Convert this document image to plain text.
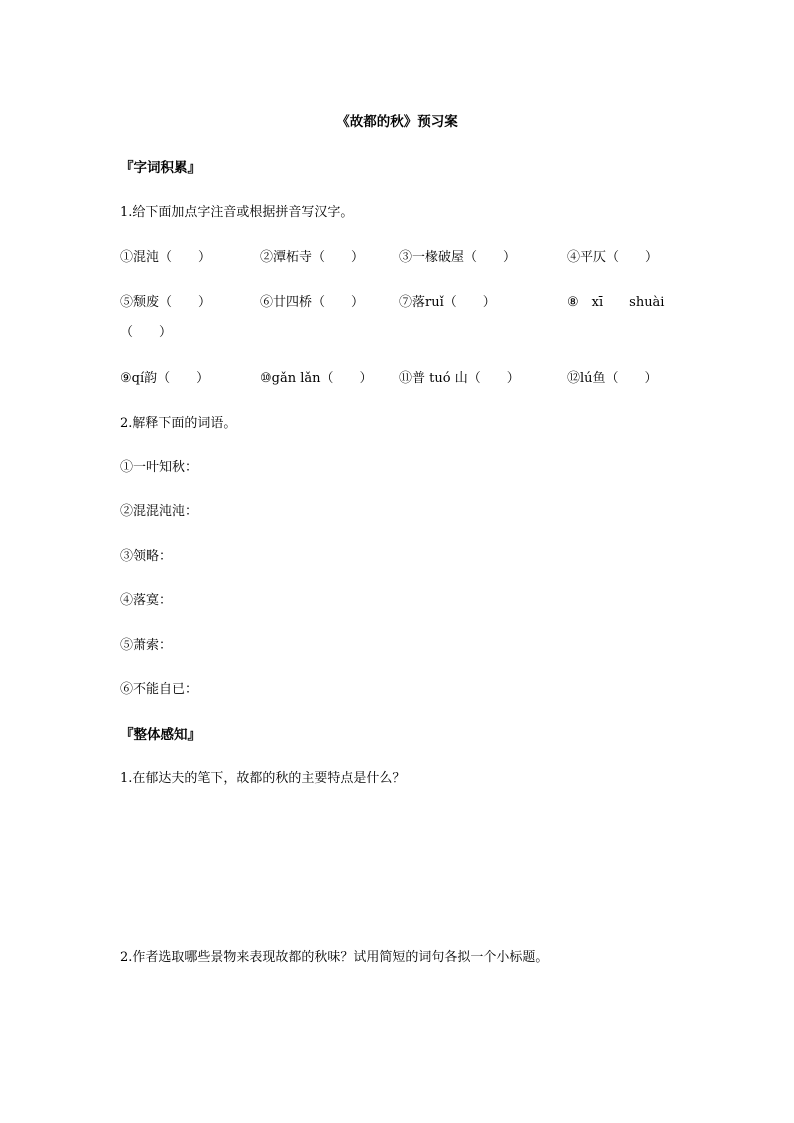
《故都的秋》预习案
『字词积累』
1.给下面加点字注音或根据拼音写汉字。
①混沌（　　）	②潭柘寺（　　）	③一椽破屋（　　）	④平仄（　　）
⑤颓废（　　）	⑥廿四桥（　　）	⑦落ruǐ（　　）	⑧　xī　　shuài
（　　）
⑨qí韵（　　）	⑩gǎn lǎn（　　） ⑪普 tuó 山（　　）	⑫lú鱼（　　）
2.解释下面的词语。
①一叶知秋：
②混混沌沌：
③领略：
④落寞：
⑤萧索：
⑥不能自已：
『整体感知』
1.在郁达夫的笔下，故都的秋的主要特点是什么？
2.作者选取哪些景物来表现故都的秋味？试用简短的词句各拟一个小标题。
